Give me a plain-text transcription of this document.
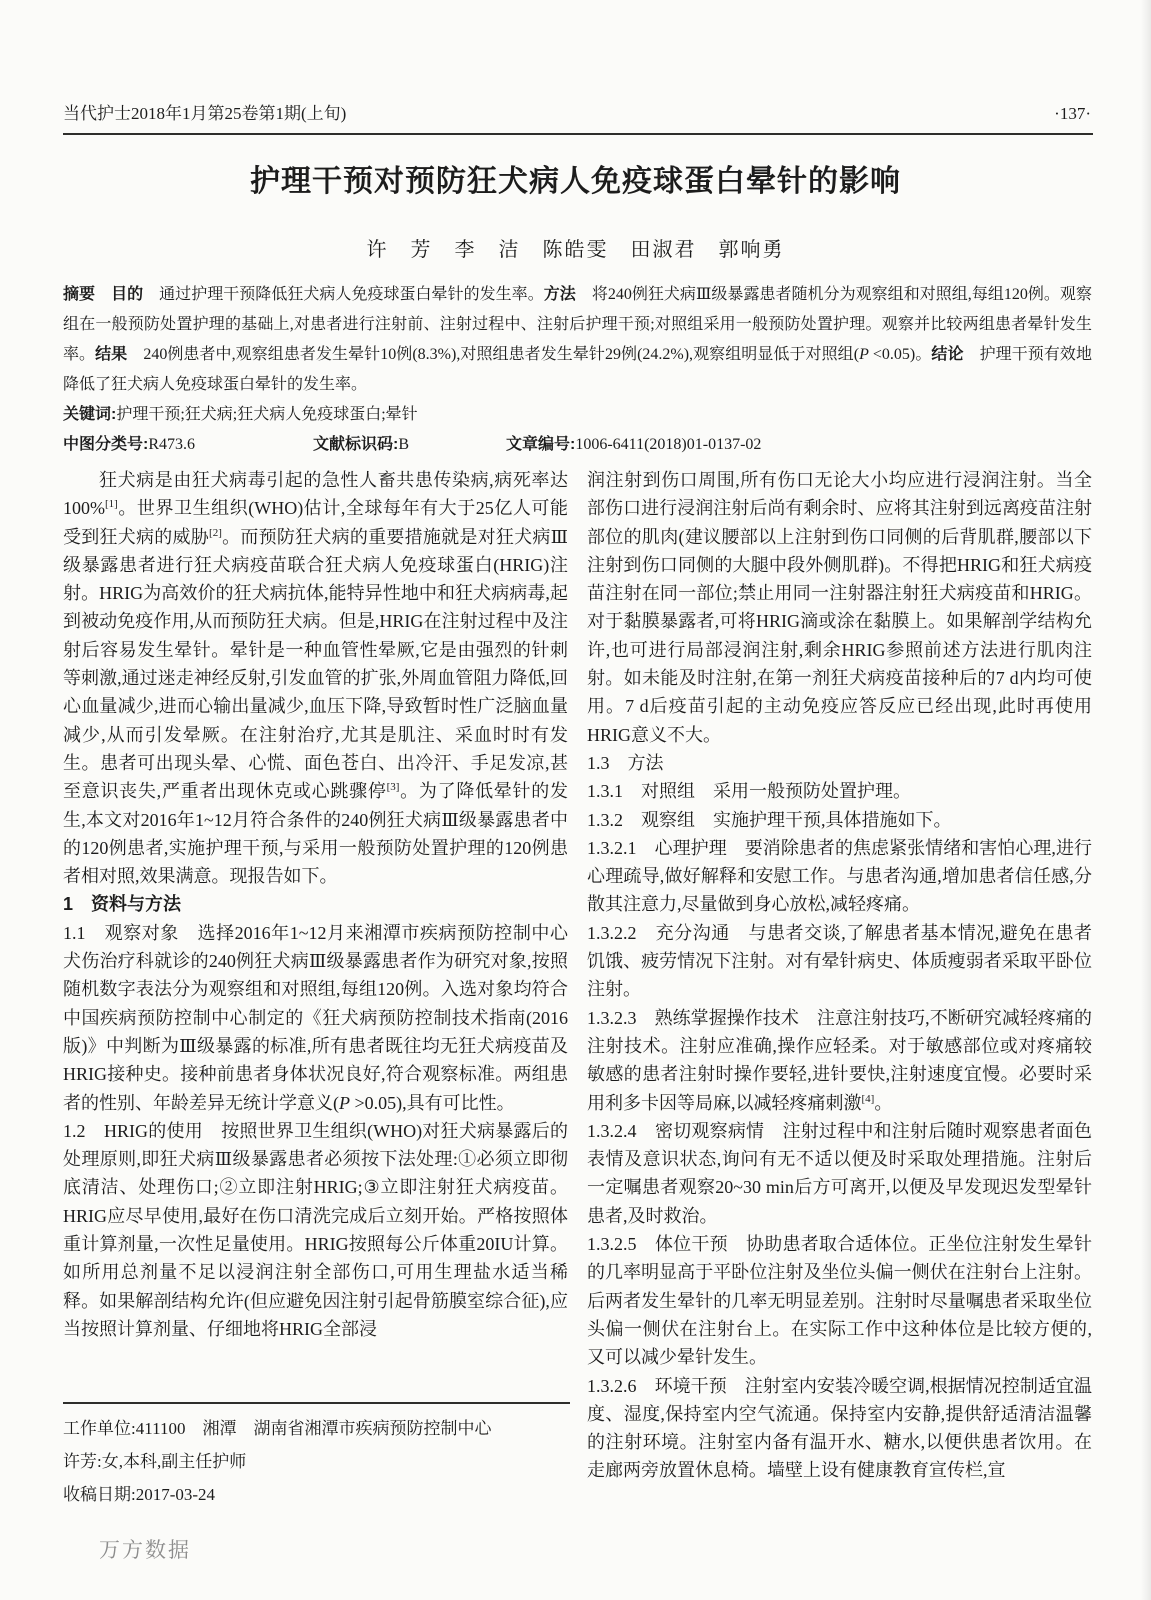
当代护士2018年1月第25卷第1期(上旬)	·137·
护理干预对预防狂犬病人免疫球蛋白晕针的影响
许　芳　李　洁　陈皓雯　田淑君　郭响勇
摘要　目的　通过护理干预降低狂犬病人免疫球蛋白晕针的发生率。方法　将240例狂犬病Ⅲ级暴露患者随机分为观察组和对照组,每组120例。观察组在一般预防处置护理的基础上,对患者进行注射前、注射过程中、注射后护理干预;对照组采用一般预防处置护理。观察并比较两组患者晕针发生率。结果　240例患者中,观察组患者发生晕针10例(8.3%),对照组患者发生晕针29例(24.2%),观察组明显低于对照组(P <0.05)。结论　护理干预有效地降低了狂犬病人免疫球蛋白晕针的发生率。
关键词:护理干预;狂犬病;狂犬病人免疫球蛋白;晕针
中图分类号:R473.6	文献标识码:B	文章编号:1006-6411(2018)01-0137-02
狂犬病是由狂犬病毒引起的急性人畜共患传染病,病死率达100%[1]。世界卫生组织(WHO)估计,全球每年有大于25亿人可能受到狂犬病的威胁[2]。而预防狂犬病的重要措施就是对狂犬病Ⅲ级暴露患者进行狂犬病疫苗联合狂犬病人免疫球蛋白(HRIG)注射。HRIG为高效价的狂犬病抗体,能特异性地中和狂犬病病毒,起到被动免疫作用,从而预防狂犬病。但是,HRIG在注射过程中及注射后容易发生晕针。晕针是一种血管性晕厥,它是由强烈的针刺等刺激,通过迷走神经反射,引发血管的扩张,外周血管阻力降低,回心血量减少,进而心输出量减少,血压下降,导致暂时性广泛脑血量减少,从而引发晕厥。在注射治疗,尤其是肌注、采血时时有发生。患者可出现头晕、心慌、面色苍白、出冷汗、手足发凉,甚至意识丧失,严重者出现休克或心跳骤停[3]。为了降低晕针的发生,本文对2016年1~12月符合条件的240例狂犬病Ⅲ级暴露患者中的120例患者,实施护理干预,与采用一般预防处置护理的120例患者相对照,效果满意。现报告如下。
1　资料与方法
1.1　观察对象　选择2016年1~12月来湘潭市疾病预防控制中心犬伤治疗科就诊的240例狂犬病Ⅲ级暴露患者作为研究对象,按照随机数字表法分为观察组和对照组,每组120例。入选对象均符合中国疾病预防控制中心制定的《狂犬病预防控制技术指南(2016版)》中判断为Ⅲ级暴露的标准,所有患者既往均无狂犬病疫苗及HRIG接种史。接种前患者身体状况良好,符合观察标准。两组患者的性别、年龄差异无统计学意义(P >0.05),具有可比性。
1.2　HRIG的使用　按照世界卫生组织(WHO)对狂犬病暴露后的处理原则,即狂犬病Ⅲ级暴露患者必须按下法处理:①必须立即彻底清洁、处理伤口;②立即注射HRIG;③立即注射狂犬病疫苗。HRIG应尽早使用,最好在伤口清洗完成后立刻开始。严格按照体重计算剂量,一次性足量使用。HRIG按照每公斤体重20IU计算。如所用总剂量不足以浸润注射全部伤口,可用生理盐水适当稀释。如果解剖结构允许(但应避免因注射引起骨筋膜室综合征),应当按照计算剂量、仔细地将HRIG全部浸
润注射到伤口周围,所有伤口无论大小均应进行浸润注射。当全部伤口进行浸润注射后尚有剩余时、应将其注射到远离疫苗注射部位的肌肉(建议腰部以上注射到伤口同侧的后背肌群,腰部以下注射到伤口同侧的大腿中段外侧肌群)。不得把HRIG和狂犬病疫苗注射在同一部位;禁止用同一注射器注射狂犬病疫苗和HRIG。对于黏膜暴露者,可将HRIG滴或涂在黏膜上。如果解剖学结构允许,也可进行局部浸润注射,剩余HRIG参照前述方法进行肌肉注射。如未能及时注射,在第一剂狂犬病疫苗接种后的7 d内均可使用。7 d后疫苗引起的主动免疫应答反应已经出现,此时再使用HRIG意义不大。
1.3　方法
1.3.1　对照组　采用一般预防处置护理。
1.3.2　观察组　实施护理干预,具体措施如下。
1.3.2.1　心理护理　要消除患者的焦虑紧张情绪和害怕心理,进行心理疏导,做好解释和安慰工作。与患者沟通,增加患者信任感,分散其注意力,尽量做到身心放松,减轻疼痛。
1.3.2.2　充分沟通　与患者交谈,了解患者基本情况,避免在患者饥饿、疲劳情况下注射。对有晕针病史、体质瘦弱者采取平卧位注射。
1.3.2.3　熟练掌握操作技术　注意注射技巧,不断研究减轻疼痛的注射技术。注射应准确,操作应轻柔。对于敏感部位或对疼痛较敏感的患者注射时操作要轻,进针要快,注射速度宜慢。必要时采用利多卡因等局麻,以减轻疼痛刺激[4]。
1.3.2.4　密切观察病情　注射过程中和注射后随时观察患者面色表情及意识状态,询问有无不适以便及时采取处理措施。注射后一定嘱患者观察20~30 min后方可离开,以便及早发现迟发型晕针患者,及时救治。
1.3.2.5　体位干预　协助患者取合适体位。正坐位注射发生晕针的几率明显高于平卧位注射及坐位头偏一侧伏在注射台上注射。后两者发生晕针的几率无明显差别。注射时尽量嘱患者采取坐位头偏一侧伏在注射台上。在实际工作中这种体位是比较方便的,又可以减少晕针发生。
1.3.2.6　环境干预　注射室内安装冷暖空调,根据情况控制适宜温度、湿度,保持室内空气流通。保持室内安静,提供舒适清洁温馨的注射环境。注射室内备有温开水、糖水,以便供患者饮用。在走廊两旁放置休息椅。墙壁上设有健康教育宣传栏,宣
工作单位:411100　湘潭　湖南省湘潭市疾病预防控制中心
许芳:女,本科,副主任护师
收稿日期:2017-03-24
万方数据
